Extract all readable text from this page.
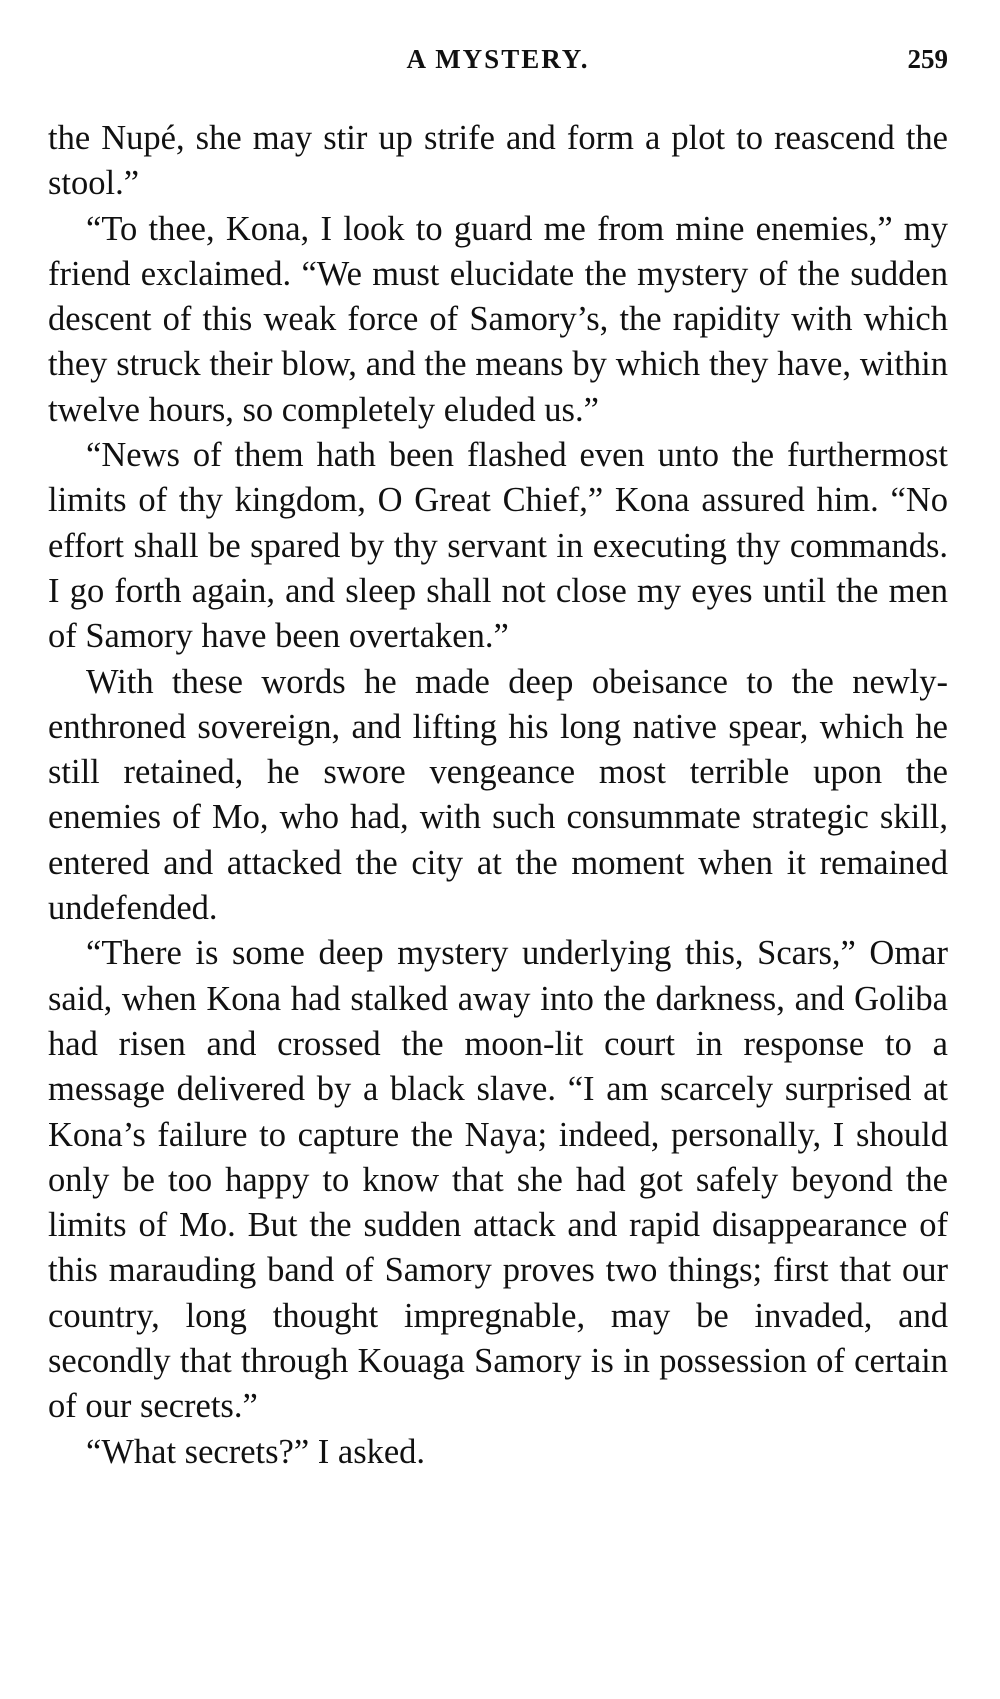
A MYSTERY.	259

the Nupé, she may stir up strife and form a plot to reascend the stool.”

“To thee, Kona, I look to guard me from mine enemies,” my friend exclaimed. “We must elucidate the mystery of the sudden descent of this weak force of Samory’s, the rapidity with which they struck their blow, and the means by which they have, within twelve hours, so completely eluded us.”

“News of them hath been flashed even unto the furthermost limits of thy kingdom, O Great Chief,” Kona assured him. “No effort shall be spared by thy servant in executing thy commands. I go forth again, and sleep shall not close my eyes until the men of Samory have been overtaken.”

With these words he made deep obeisance to the newly-enthroned sovereign, and lifting his long native spear, which he still retained, he swore vengeance most terrible upon the enemies of Mo, who had, with such consummate strategic skill, entered and attacked the city at the moment when it remained undefended.

“There is some deep mystery underlying this, Scars,” Omar said, when Kona had stalked away into the darkness, and Goliba had risen and crossed the moon-lit court in response to a message delivered by a black slave. “I am scarcely surprised at Kona’s failure to capture the Naya; indeed, personally, I should only be too happy to know that she had got safely beyond the limits of Mo. But the sudden attack and rapid disappearance of this marauding band of Samory proves two things; first that our country, long thought impregnable, may be invaded, and secondly that through Kouaga Samory is in possession of certain of our secrets.”

“What secrets?” I asked.
